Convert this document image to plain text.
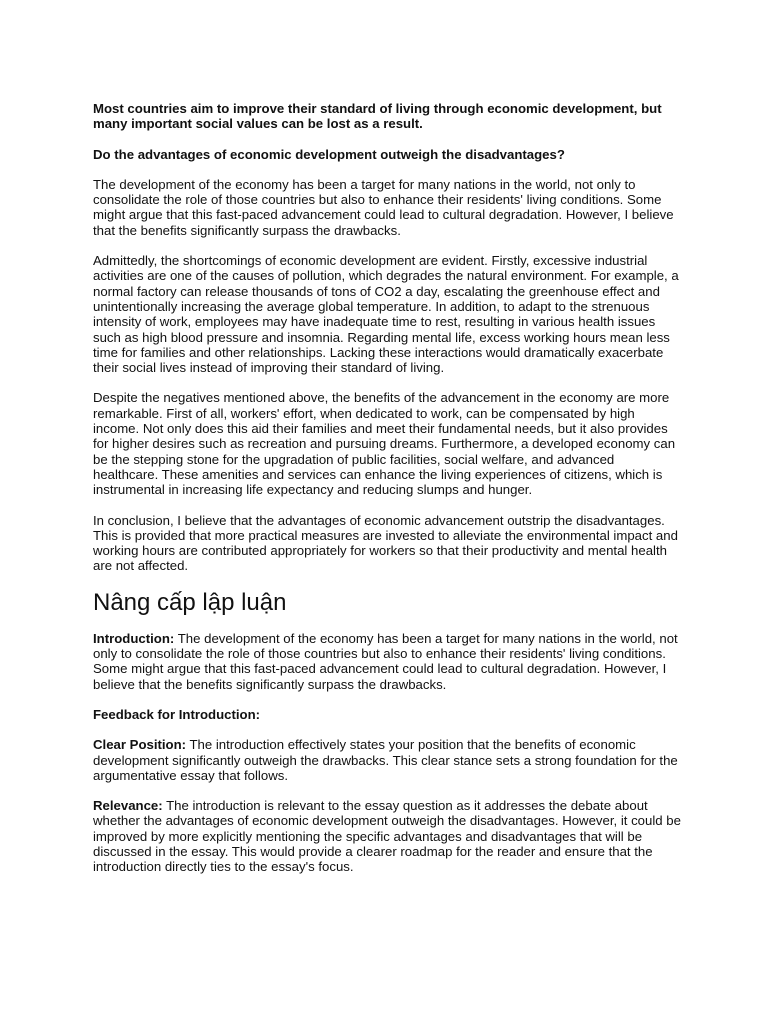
Most countries aim to improve their standard of living through economic development, but many important social values can be lost as a result.

Do the advantages of economic development outweigh the disadvantages?

The development of the economy has been a target for many nations in the world, not only to consolidate the role of those countries but also to enhance their residents' living conditions. Some might argue that this fast-paced advancement could lead to cultural degradation. However, I believe that the benefits significantly surpass the drawbacks.

Admittedly, the shortcomings of economic development are evident. Firstly, excessive industrial activities are one of the causes of pollution, which degrades the natural environment. For example, a normal factory can release thousands of tons of CO2 a day, escalating the greenhouse effect and unintentionally increasing the average global temperature. In addition, to adapt to the strenuous intensity of work, employees may have inadequate time to rest, resulting in various health issues such as high blood pressure and insomnia. Regarding mental life, excess working hours mean less time for families and other relationships. Lacking these interactions would dramatically exacerbate their social lives instead of improving their standard of living.

Despite the negatives mentioned above, the benefits of the advancement in the economy are more remarkable. First of all, workers' effort, when dedicated to work, can be compensated by high income. Not only does this aid their families and meet their fundamental needs, but it also provides for higher desires such as recreation and pursuing dreams. Furthermore, a developed economy can be the stepping stone for the upgradation of public facilities, social welfare, and advanced healthcare. These amenities and services can enhance the living experiences of citizens, which is instrumental in increasing life expectancy and reducing slumps and hunger.

In conclusion, I believe that the advantages of economic advancement outstrip the disadvantages. This is provided that more practical measures are invested to alleviate the environmental impact and working hours are contributed appropriately for workers so that their productivity and mental health are not affected.

Nâng cấp lập luận

Introduction: The development of the economy has been a target for many nations in the world, not only to consolidate the role of those countries but also to enhance their residents' living conditions. Some might argue that this fast-paced advancement could lead to cultural degradation. However, I believe that the benefits significantly surpass the drawbacks.

Feedback for Introduction:

Clear Position: The introduction effectively states your position that the benefits of economic development significantly outweigh the drawbacks. This clear stance sets a strong foundation for the argumentative essay that follows.

Relevance: The introduction is relevant to the essay question as it addresses the debate about whether the advantages of economic development outweigh the disadvantages. However, it could be improved by more explicitly mentioning the specific advantages and disadvantages that will be discussed in the essay. This would provide a clearer roadmap for the reader and ensure that the introduction directly ties to the essay's focus.
